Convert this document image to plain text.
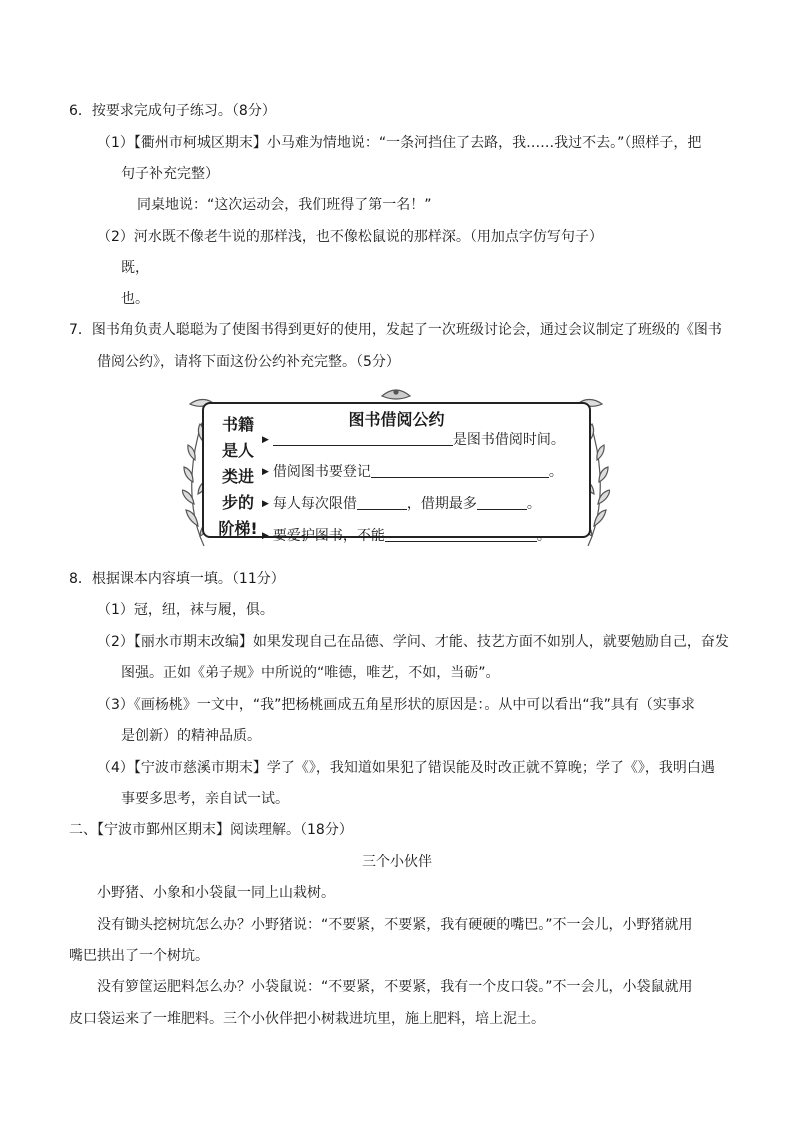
6．按要求完成句子练习。（8分）
（1）【衢州市柯城区期末】小马难为情地说：“一条河挡住了去路，我……我过不去。”（照样子，把
句子补充完整）
同桌地说：“这次运动会，我们班得了第一名！”
（2）河水既不像老牛说的那样浅，也不像松鼠说的那样深。（用加点字仿写句子）
既，
也。
7．图书角负责人聪聪为了使图书得到更好的使用，发起了一次班级讨论会，通过会议制定了班级的《图书
借阅公约》，请将下面这份公约补充完整。（5分）
图书借阅公约
书籍
是人
类进
步的
阶梯!
▶	是图书借阅时间。
▶ 借阅图书要登记	。
▶ 每人每次限借	，借期最多	。
▶ 要爱护图书，不能	。
8．根据课本内容填一填。（11分）
（1）冠，纽，袜与履，俱。
（2）【丽水市期末改编】如果发现自己在品德、学问、才能、技艺方面不如别人，就要勉励自己，奋发
图强。正如《弟子规》中所说的“唯德，唯艺，不如，当砺”。
（3）《画杨桃》一文中，“我”把杨桃画成五角星形状的原因是：。从中可以看出“我”具有（实事求
是创新）的精神品质。
（4）【宁波市慈溪市期末】学了《》，我知道如果犯了错误能及时改正就不算晚；学了《》，我明白遇
事要多思考，亲自试一试。
二、【宁波市鄞州区期末】阅读理解。（18分）
三个小伙伴
小野猪、小象和小袋鼠一同上山栽树。
没有锄头挖树坑怎么办？小野猪说：“不要紧，不要紧，我有硬硬的嘴巴。”不一会儿，小野猪就用
嘴巴拱出了一个树坑。
没有箩筐运肥料怎么办？小袋鼠说：“不要紧，不要紧，我有一个皮口袋。”不一会儿，小袋鼠就用
皮口袋运来了一堆肥料。三个小伙伴把小树栽进坑里，施上肥料，培上泥土。
